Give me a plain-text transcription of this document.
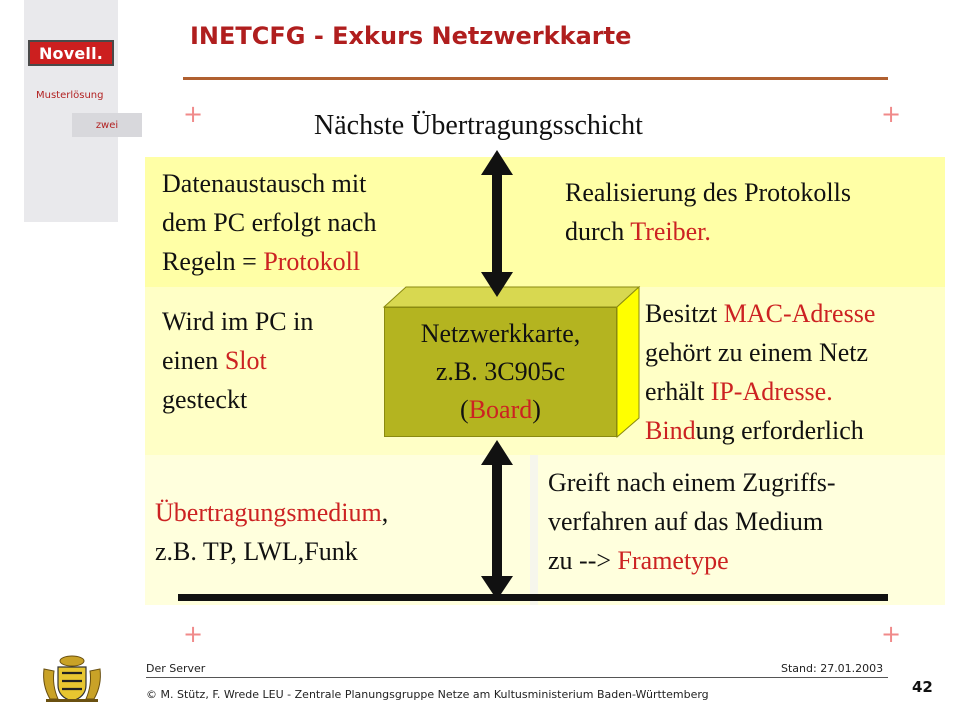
Novell.
Musterlösung
zwei
INETCFG - Exkurs Netzwerkkarte
+	+
+	+
Nächste Übertragungsschicht
Datenaustausch mit
dem PC erfolgt nach
Regeln = Protokoll
Realisierung des Protokolls
durch Treiber.
Wird im PC in
einen Slot
gesteckt
Besitzt MAC-Adresse
gehört zu einem Netz
erhält IP-Adresse.
Bindung erforderlich
Übertragungsmedium,
z.B. TP, LWL,Funk
Greift nach einem Zugriffs-
verfahren auf das Medium
zu --> Frametype
Netzwerkkarte,
z.B. 3C905c
(Board)
Der Server	Stand: 27.01.2003
© M. Stütz, F. Wrede LEU - Zentrale Planungsgruppe Netze am Kultusministerium Baden-Württemberg	42
